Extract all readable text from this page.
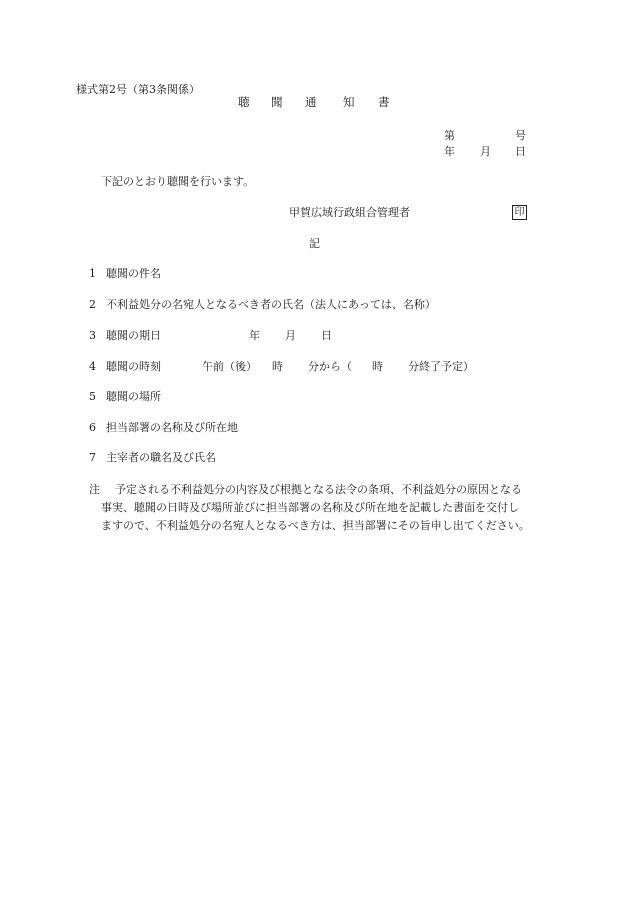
様式第2号（第3条関係）
聴 聞 通 知 書
第	号
年 月 日
下記のとおり聴聞を行います。
甲賀広域行政組合管理者	印
記
1 聴聞の件名
2 不利益処分の名宛人となるべき者の氏名（法人にあっては、名称）
3 聴聞の期日	年 月 日
4 聴聞の時刻	午前（後） 時 分から（ 時 分終了予定）
5 聴聞の場所
6 担当部署の名称及び所在地
7 主宰者の職名及び氏名
注 予定される不利益処分の内容及び根拠となる法令の条項、不利益処分の原因となる
事実、聴聞の日時及び場所並びに担当部署の名称及び所在地を記載した書面を交付し
ますので、不利益処分の名宛人となるべき方は、担当部署にその旨申し出てください。
